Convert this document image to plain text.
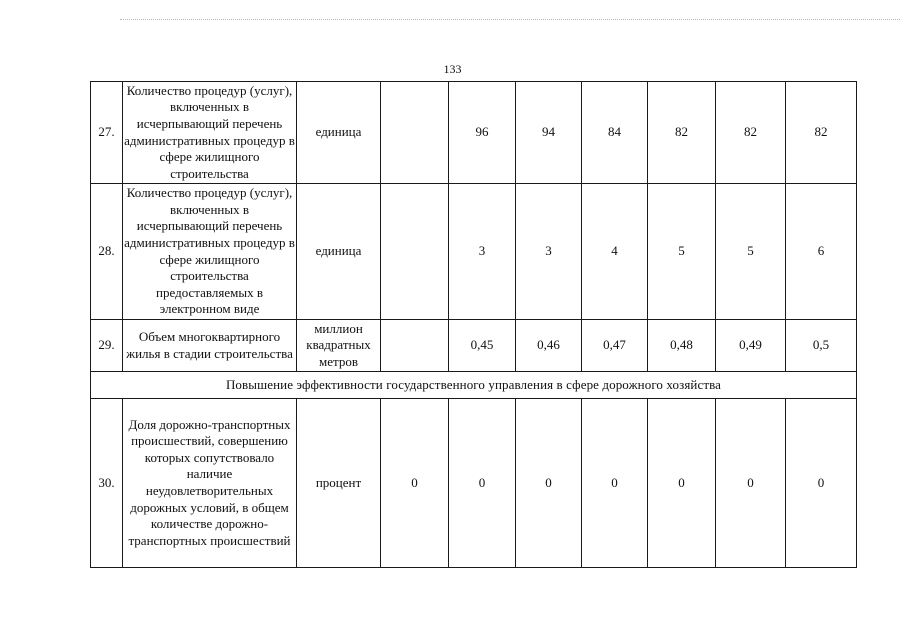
133
27.	Количество процедур (услуг), включенных в исчерпывающий перечень административных процедур в сфере жилищного строительства	единица		96	94	84	82	82	82
28.	Количество процедур (услуг), включенных в исчерпывающий перечень административных процедур в сфере жилищного строительства предоставляемых в электронном виде	единица		3	3	4	5	5	6
29.	Объем многоквартирного жилья в стадии строительства	миллион квадратных метров		0,45	0,46	0,47	0,48	0,49	0,5
Повышение эффективности государственного управления в сфере дорожного хозяйства									
30.	Доля дорожно-транспортных происшествий, совершению которых сопутствовало наличие неудовлетворительных дорожных условий, в общем количестве дорожно-транспортных происшествий	процент	0	0	0	0	0	0	0
